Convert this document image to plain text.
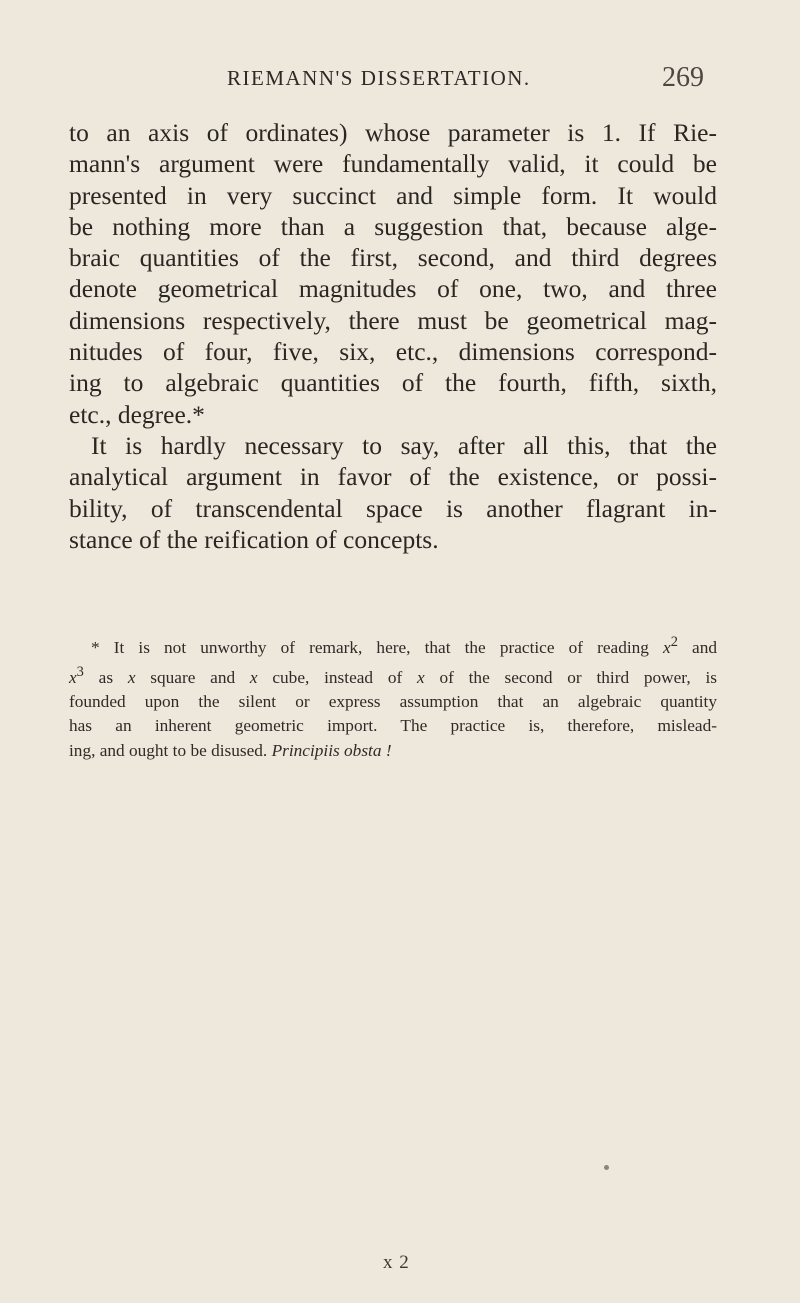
RIEMANN'S DISSERTATION.	269
to an axis of ordinates) whose parameter is 1. If Rie-
mann's argument were fundamentally valid, it could be
presented in very succinct and simple form. It would
be nothing more than a suggestion that, because alge-
braic quantities of the first, second, and third degrees
denote geometrical magnitudes of one, two, and three
dimensions respectively, there must be geometrical mag-
nitudes of four, five, six, etc., dimensions correspond-
ing to algebraic quantities of the fourth, fifth, sixth,
etc., degree.*
It is hardly necessary to say, after all this, that the
analytical argument in favor of the existence, or possi-
bility, of transcendental space is another flagrant in-
stance of the reification of concepts.
* It is not unworthy of remark, here, that the practice of reading $x^2$ and
$x^3$ as x square and x cube, instead of x of the second or third power, is
founded upon the silent or express assumption that an algebraic quantity
has an inherent geometric import. The practice is, therefore, mislead-
ing, and ought to be disused. Principiis obsta !
x 2
